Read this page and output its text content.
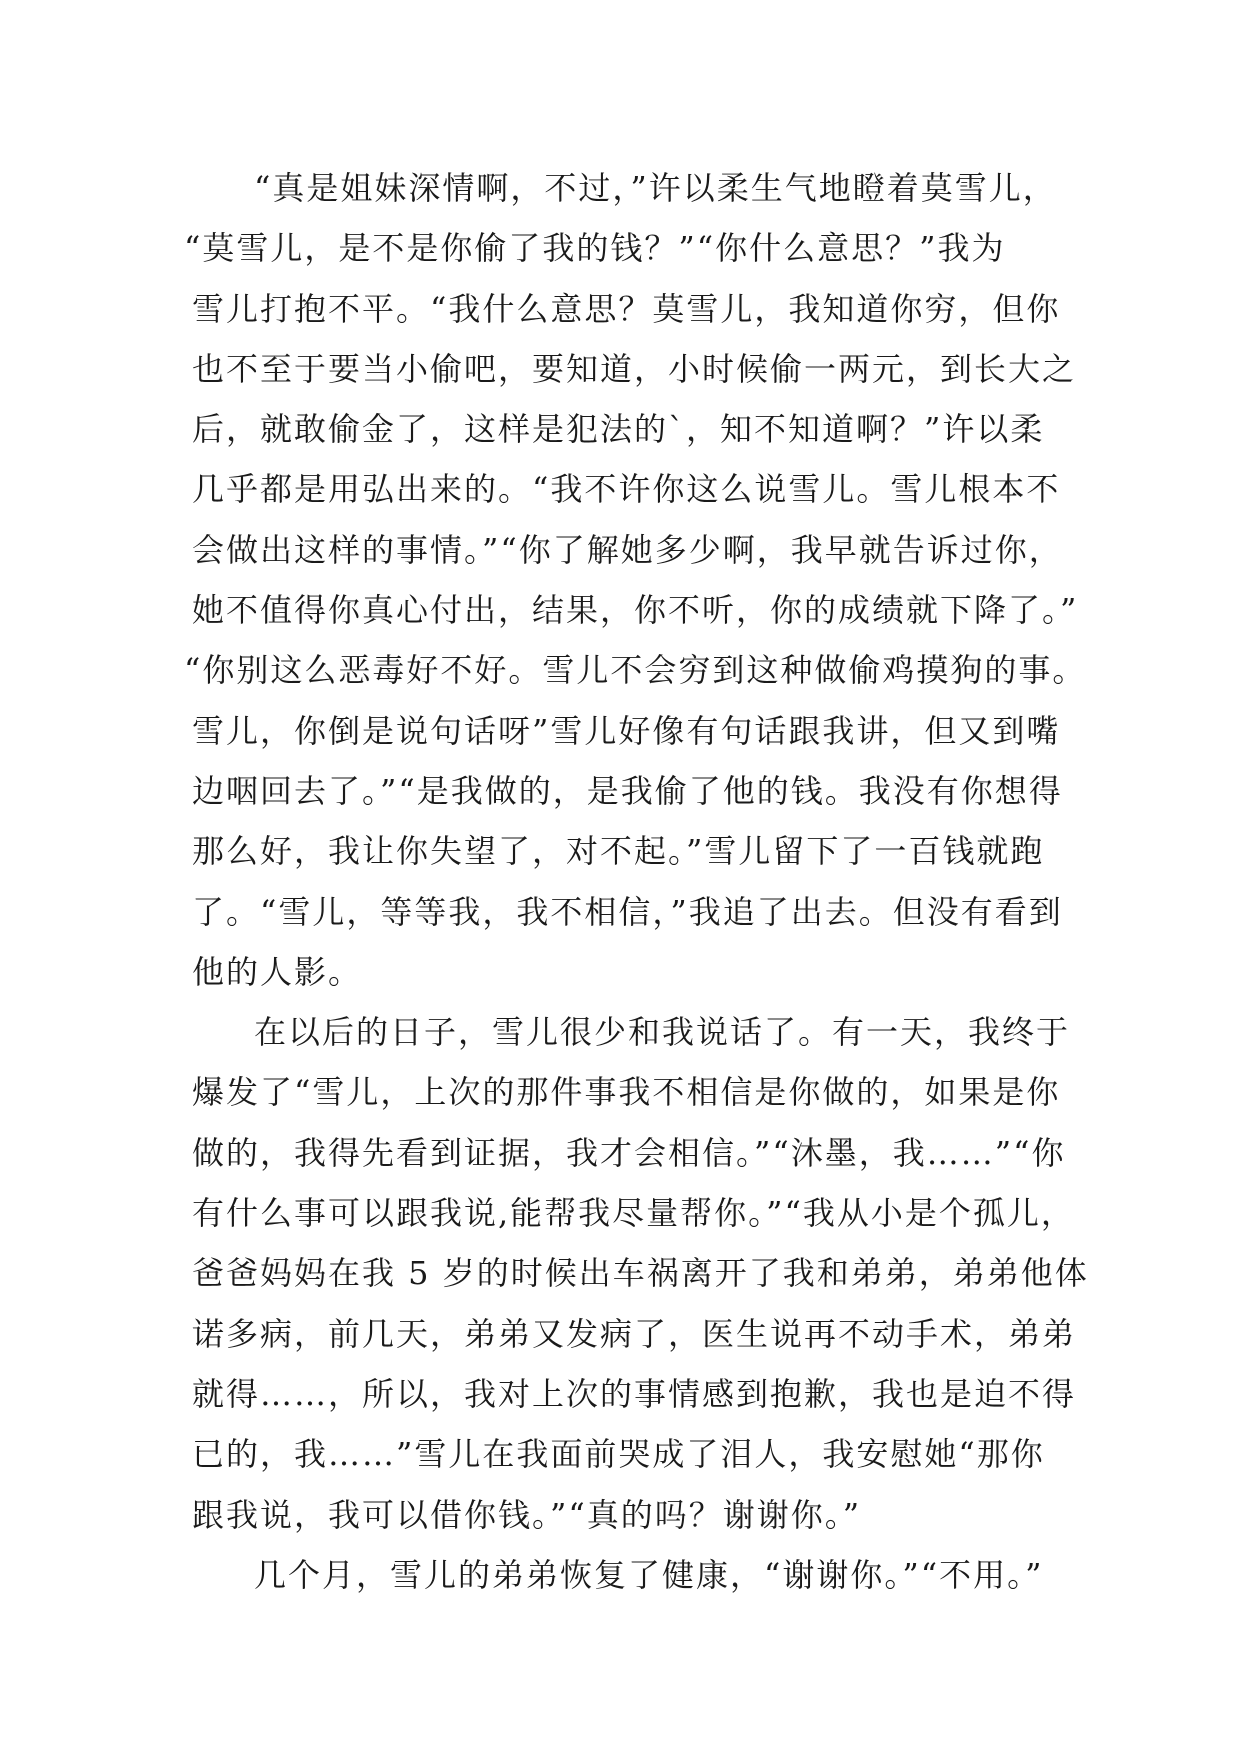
“真是姐妹深情啊，不过，”许以柔生气地瞪着莫雪儿，
“莫雪儿，是不是你偷了我的钱？”“你什么意思？”我为
雪儿打抱不平。“我什么意思？莫雪儿，我知道你穷，但你
也不至于要当小偷吧，要知道，小时候偷一两元，到长大之
后，就敢偷金了，这样是犯法的`，知不知道啊？”许以柔
几乎都是用弘出来的。“我不许你这么说雪儿。雪儿根本不
会做出这样的事情。”“你了解她多少啊，我早就告诉过你，
她不值得你真心付出，结果，你不听，你的成绩就下降了。”
“你别这么恶毒好不好。雪儿不会穷到这种做偷鸡摸狗的事。
雪儿，你倒是说句话呀”雪儿好像有句话跟我讲，但又到嘴
边咽回去了。”“是我做的，是我偷了他的钱。我没有你想得
那么好，我让你失望了，对不起。”雪儿留下了一百钱就跑
了。“雪儿，等等我，我不相信，”我追了出去。但没有看到
他的人影。
在以后的日子，雪儿很少和我说话了。有一天，我终于
爆发了“雪儿，上次的那件事我不相信是你做的，如果是你
做的，我得先看到证据，我才会相信。”“沐墨，我……”“你
有什么事可以跟我说,能帮我尽量帮你。”“我从小是个孤儿，
爸爸妈妈在我 5 岁的时候出车祸离开了我和弟弟，弟弟他体
诺多病，前几天，弟弟又发病了，医生说再不动手术，弟弟
就得……，所以，我对上次的事情感到抱歉，我也是迫不得
已的，我……”雪儿在我面前哭成了泪人，我安慰她“那你
跟我说，我可以借你钱。”“真的吗？谢谢你。”
几个月，雪儿的弟弟恢复了健康，“谢谢你。”“不用。”
